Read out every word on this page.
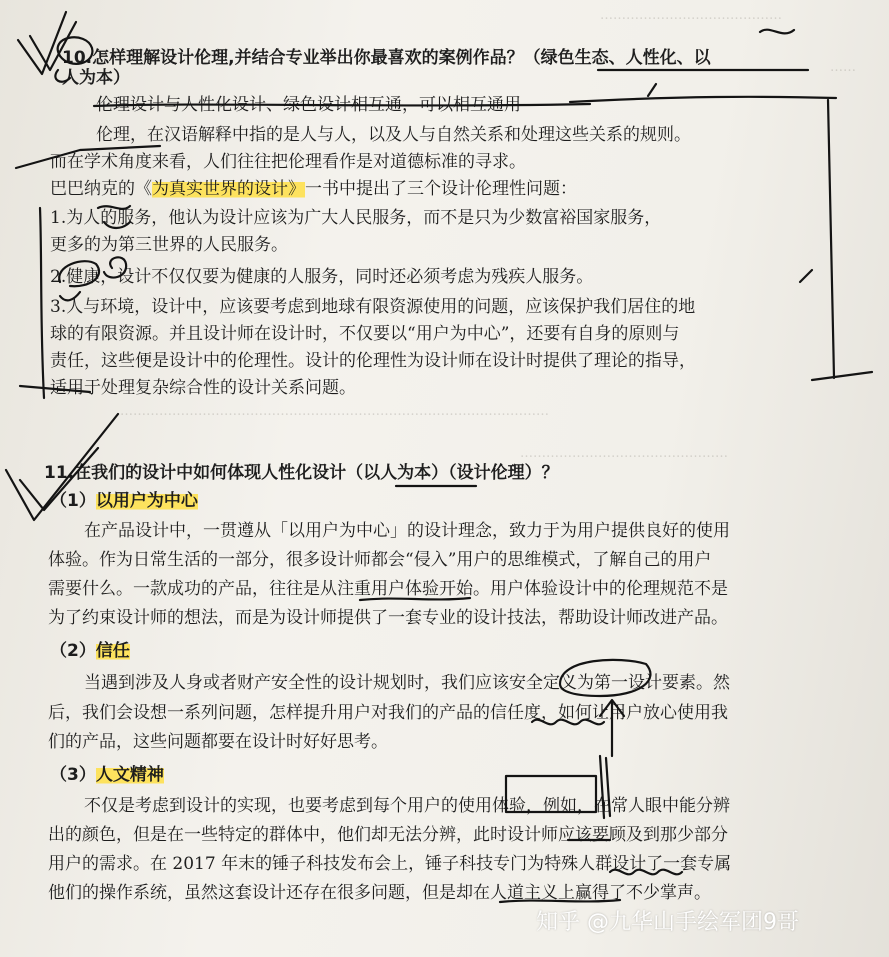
……………………………………
……
………………………………………………………………………………………
…………………………………………
10.怎样理解设计伦理,并结合专业举出你最喜欢的案例作品？（绿色生态、人性化、以
人为本）
伦理设计与人性化设计、绿色设计相互通，可以相互通用
伦理，在汉语解释中指的是人与人，以及人与自然关系和处理这些关系的规则。
而在学术角度来看，人们往往把伦理看作是对道德标准的寻求。
巴巴纳克的《为真实世界的设计》一书中提出了三个设计伦理性问题：
1.为人的服务，他认为设计应该为广大人民服务，而不是只为少数富裕国家服务，
更多的为第三世界的人民服务。
2.健康，设计不仅仅要为健康的人服务，同时还必须考虑为残疾人服务。
3.人与环境，设计中，应该要考虑到地球有限资源使用的问题，应该保护我们居住的地
球的有限资源。并且设计师在设计时，不仅要以“用户为中心”，还要有自身的原则与
责任，这些便是设计中的伦理性。设计的伦理性为设计师在设计时提供了理论的指导，
适用于处理复杂综合性的设计关系问题。
11.在我们的设计中如何体现人性化设计（以人为本）（设计伦理）？
（1）以用户为中心
在产品设计中，一贯遵从「以用户为中心」的设计理念，致力于为用户提供良好的使用
体验。作为日常生活的一部分，很多设计师都会“侵入”用户的思维模式，了解自己的用户
需要什么。一款成功的产品，往往是从注重用户体验开始。用户体验设计中的伦理规范不是
为了约束设计师的想法，而是为设计师提供了一套专业的设计技法，帮助设计师改进产品。
（2）信任
当遇到涉及人身或者财产安全性的设计规划时，我们应该安全定义为第一设计要素。然
后，我们会设想一系列问题，怎样提升用户对我们的产品的信任度，如何让用户放心使用我
们的产品，这些问题都要在设计时好好思考。
（3）人文精神
不仅是考虑到设计的实现，也要考虑到每个用户的使用体验，例如，在常人眼中能分辨
出的颜色，但是在一些特定的群体中，他们却无法分辨，此时设计师应该要顾及到那少部分
用户的需求。在 2017 年末的锤子科技发布会上，锤子科技专门为特殊人群设计了一套专属
他们的操作系统，虽然这套设计还存在很多问题，但是却在人道主义上赢得了不少掌声。
知乎 @九华山手绘军团9哥
